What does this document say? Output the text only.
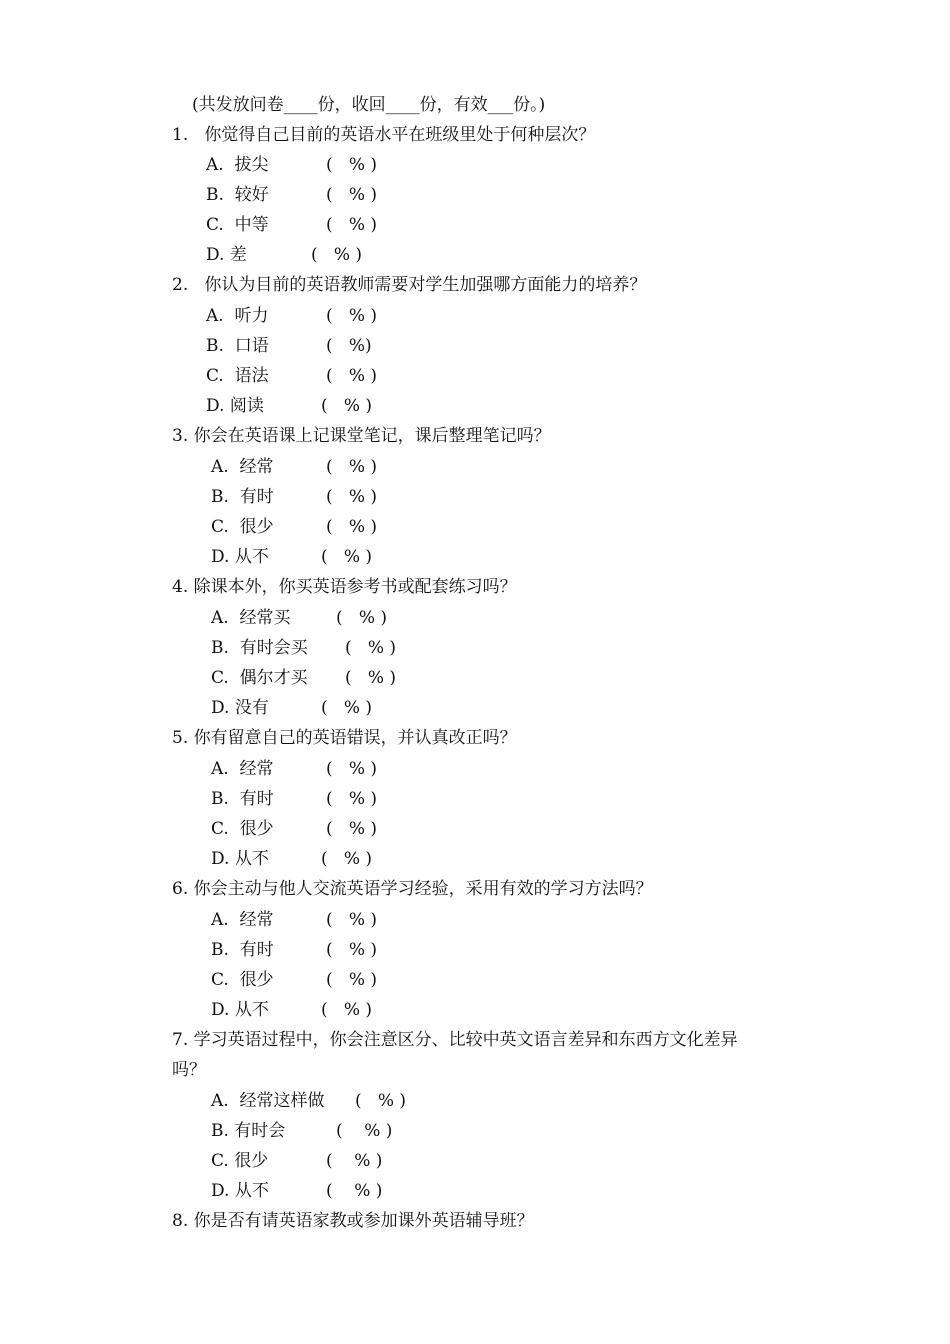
(共发放问卷____份，收回____份，有效___份。)
1.   你觉得自己目前的英语水平在班级里处于何种层次？
A.  拔尖	(   % )
B.  较好	(   % )
C.  中等	(   % )
D. 差	(   % )
2.   你认为目前的英语教师需要对学生加强哪方面能力的培养？
A.  听力	(   % )
B.  口语	(   %)
C.  语法	(   % )
D. 阅读	(   % )
3. 你会在英语课上记课堂笔记，课后整理笔记吗？
A.  经常	(   % )
B.  有时	(   % )
C.  很少	(   % )
D. 从不	(   % )
4. 除课本外，你买英语参考书或配套练习吗？
A.  经常买	(   % )
B.  有时会买 (   % )
C.  偶尔才买 (   % )
D. 没有	(   % )
5. 你有留意自己的英语错误，并认真改正吗？
A.  经常	(   % )
B.  有时	(   % )
C.  很少	(   % )
D. 从不	(   % )
6. 你会主动与他人交流英语学习经验，采用有效的学习方法吗？
A.  经常	(   % )
B.  有时	(   % )
C.  很少	(   % )
D. 从不	(   % )
7. 学习英语过程中，你会注意区分、比较中英文语言差异和东西方文化差异
吗？
A.  经常这样做 (   % )
B. 有时会	(    % )
C. 很少	(    % )
D. 从不	(    % )
8. 你是否有请英语家教或参加课外英语辅导班？
